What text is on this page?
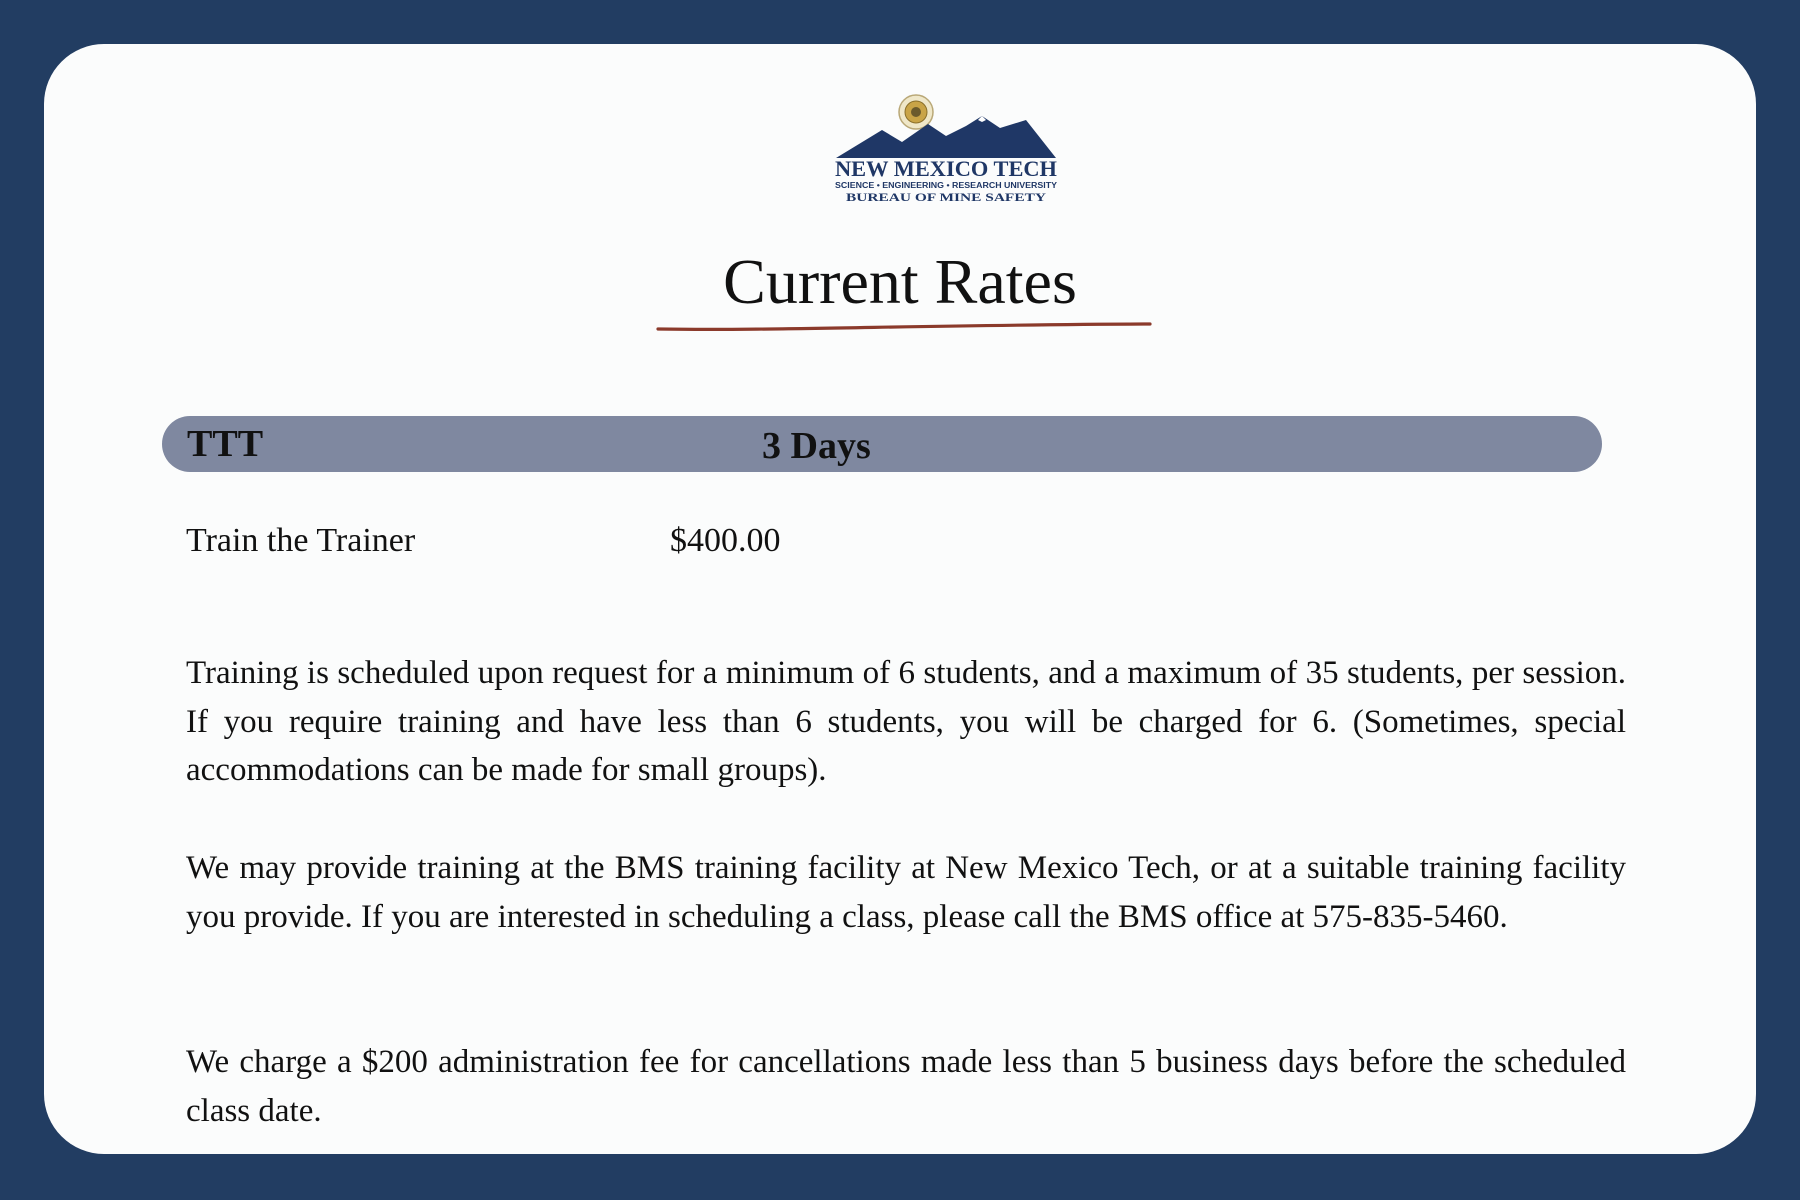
NEW MEXICO TECH
SCIENCE • ENGINEERING • RESEARCH UNIVERSITY
BUREAU OF MINE SAFETY
Current Rates
TTT	3 Days
Train the Trainer	$400.00

Training is scheduled upon request for a minimum of 6 students, and a maximum of 35 students, per session. If you require training and have less than 6 students, you will be charged for 6. (Sometimes, special accommodations can be made for small groups).

We may provide training at the BMS training facility at New Mexico Tech, or at a suitable training facility you provide. If you are interested in scheduling a class, please call the BMS office at 575-835-5460.

We charge a $200 administration fee for cancellations made less than 5 business days before the scheduled class date.
